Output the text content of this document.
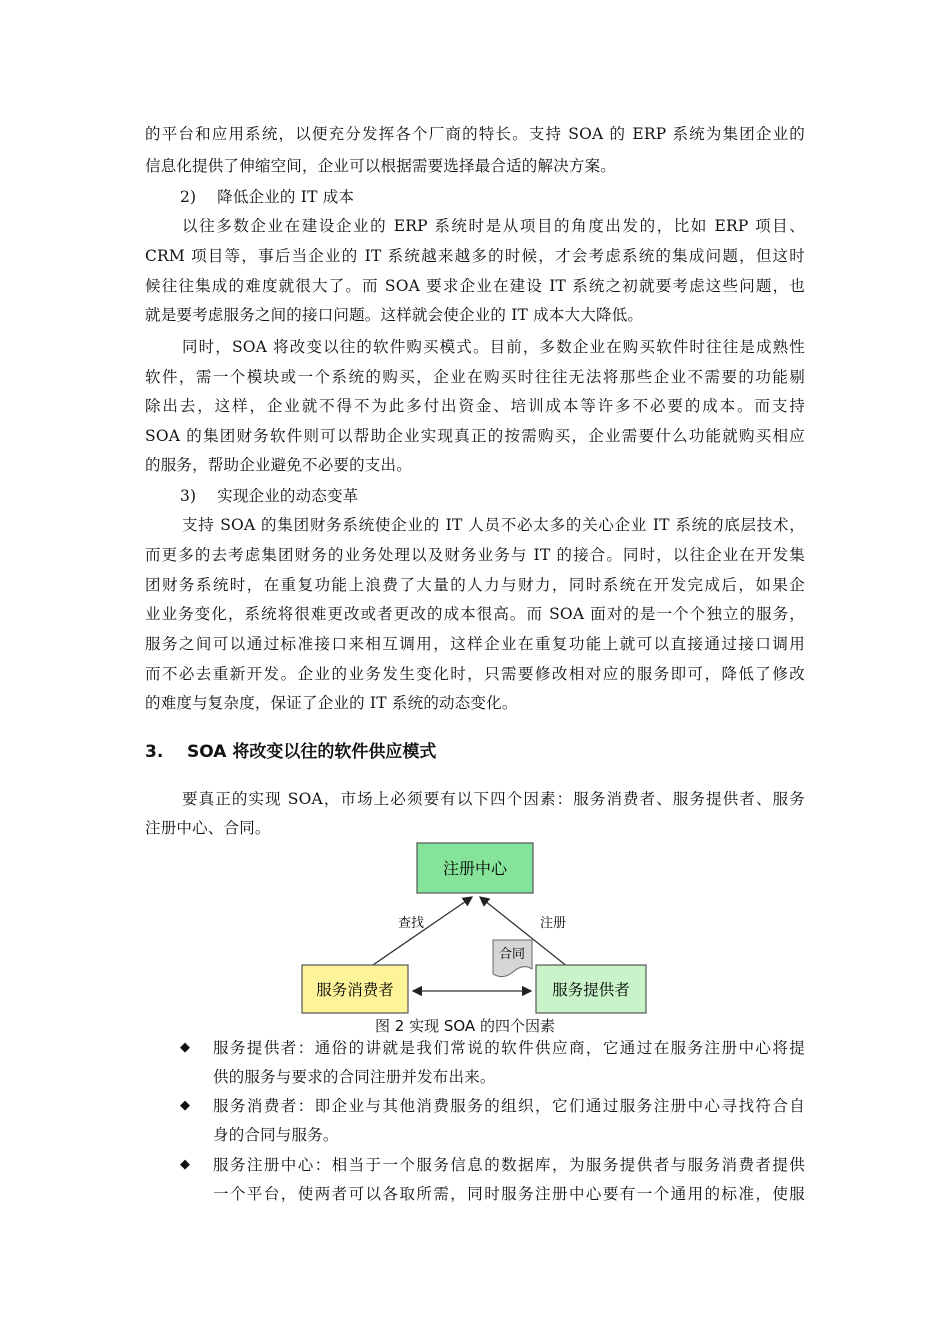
的平台和应用系统，以便充分发挥各个厂商的特长。支持 SOA 的 ERP 系统为集团企业的
信息化提供了伸缩空间，企业可以根据需要选择最合适的解决方案。
2)　 降低企业的 IT 成本
以往多数企业在建设企业的 ERP 系统时是从项目的角度出发的，比如 ERP 项目、
CRM 项目等，事后当企业的 IT 系统越来越多的时候，才会考虑系统的集成问题，但这时
候往往集成的难度就很大了。而 SOA 要求企业在建设 IT 系统之初就要考虑这些问题，也
就是要考虑服务之间的接口问题。这样就会使企业的 IT 成本大大降低。
同时，SOA 将改变以往的软件购买模式。目前，多数企业在购买软件时往往是成熟性
软件，需一个模块或一个系统的购买，企业在购买时往往无法将那些企业不需要的功能剔
除出去，这样，企业就不得不为此多付出资金、培训成本等许多不必要的成本。而支持
SOA 的集团财务软件则可以帮助企业实现真正的按需购买，企业需要什么功能就购买相应
的服务，帮助企业避免不必要的支出。
3)　 实现企业的动态变革
支持 SOA 的集团财务系统使企业的 IT 人员不必太多的关心企业 IT 系统的底层技术，
而更多的去考虑集团财务的业务处理以及财务业务与 IT 的接合。同时，以往企业在开发集
团财务系统时，在重复功能上浪费了大量的人力与财力，同时系统在开发完成后，如果企
业业务变化，系统将很难更改或者更改的成本很高。而 SOA 面对的是一个个独立的服务，
服务之间可以通过标准接口来相互调用，这样企业在重复功能上就可以直接通过接口调用
而不必去重新开发。企业的业务发生变化时，只需要修改相对应的服务即可，降低了修改
的难度与复杂度，保证了企业的 IT 系统的动态变化。
3. SOA 将改变以往的软件供应模式
要真正的实现 SOA，市场上必须要有以下四个因素：服务消费者、服务提供者、服务
注册中心、合同。
注册中心
查找	注册
合同
服务消费者	服务提供者
图 2 实现 SOA 的四个因素
◆ 服务提供者：通俗的讲就是我们常说的软件供应商，它通过在服务注册中心将提
供的服务与要求的合同注册并发布出来。
◆ 服务消费者：即企业与其他消费服务的组织，它们通过服务注册中心寻找符合自
身的合同与服务。
◆ 服务注册中心：相当于一个服务信息的数据库，为服务提供者与服务消费者提供
一个平台，使两者可以各取所需，同时服务注册中心要有一个通用的标准，使服
